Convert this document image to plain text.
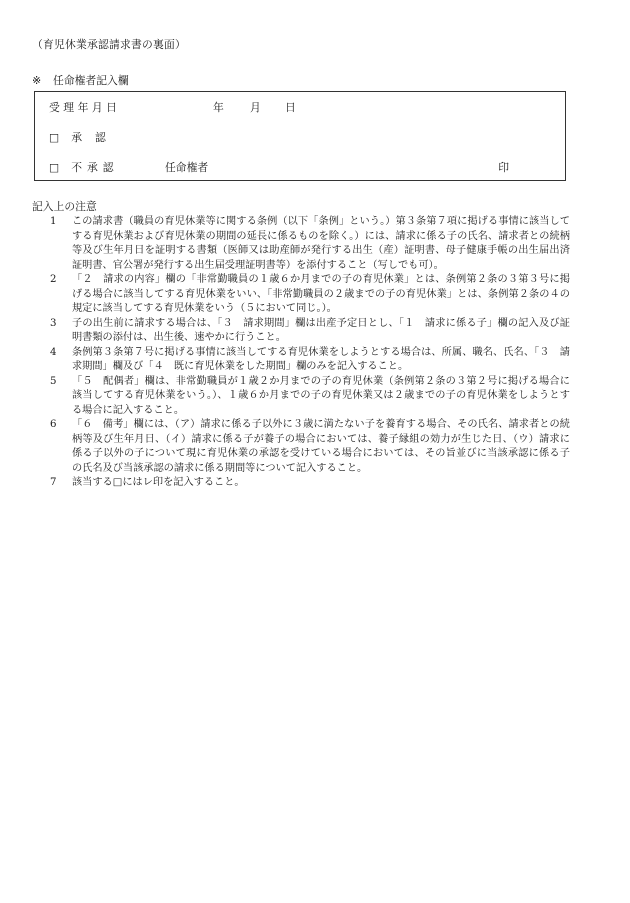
（育児休業承認請求書の裏面）
※ 任命権者記入欄
受理年月日	年 月 日
□ 承認
□ 不承認	任命権者	印
記入上の注意

1	この請求書（職員の育児休業等に関する条例（以下「条例」という。）第３条第７項に掲げる事情に該当してする育児休業および育児休業の期間の延長に係るものを除く。）には、請求に係る子の氏名、請求者との続柄等及び生年月日を証明する書類（医師又は助産師が発行する出生（産）証明書、母子健康手帳の出生届出済証明書、官公署が発行する出生届受理証明書等）を添付すること（写しでも可）。

2	「２　請求の内容」欄の「非常勤職員の１歳６か月までの子の育児休業」とは、条例第２条の３第３号に掲げる場合に該当してする育児休業をいい、「非常勤職員の２歳までの子の育児休業」とは、条例第２条の４の規定に該当してする育児休業をいう（５において同じ。）。

3	子の出生前に請求する場合は、「３　請求期間」欄は出産予定日とし、「１　請求に係る子」欄の記入及び証明書類の添付は、出生後、速やかに行うこと。

4	条例第３条第７号に掲げる事情に該当してする育児休業をしようとする場合は、所属、職名、氏名、「３　請求期間」欄及び「４　既に育児休業をした期間」欄のみを記入すること。

5	「５　配偶者」欄は、非常勤職員が１歳２か月までの子の育児休業（条例第２条の３第２号に掲げる場合に該当してする育児休業をいう。）、１歳６か月までの子の育児休業又は２歳までの子の育児休業をしようとする場合に記入すること。

6	「６　備考」欄には、（ア）請求に係る子以外に３歳に満たない子を養育する場合、その氏名、請求者との続柄等及び生年月日、（イ）請求に係る子が養子の場合においては、養子縁組の効力が生じた日、（ウ）請求に係る子以外の子について現に育児休業の承認を受けている場合においては、その旨並びに当該承認に係る子の氏名及び当該承認の請求に係る期間等について記入すること。

7	該当する□にはレ印を記入すること。
